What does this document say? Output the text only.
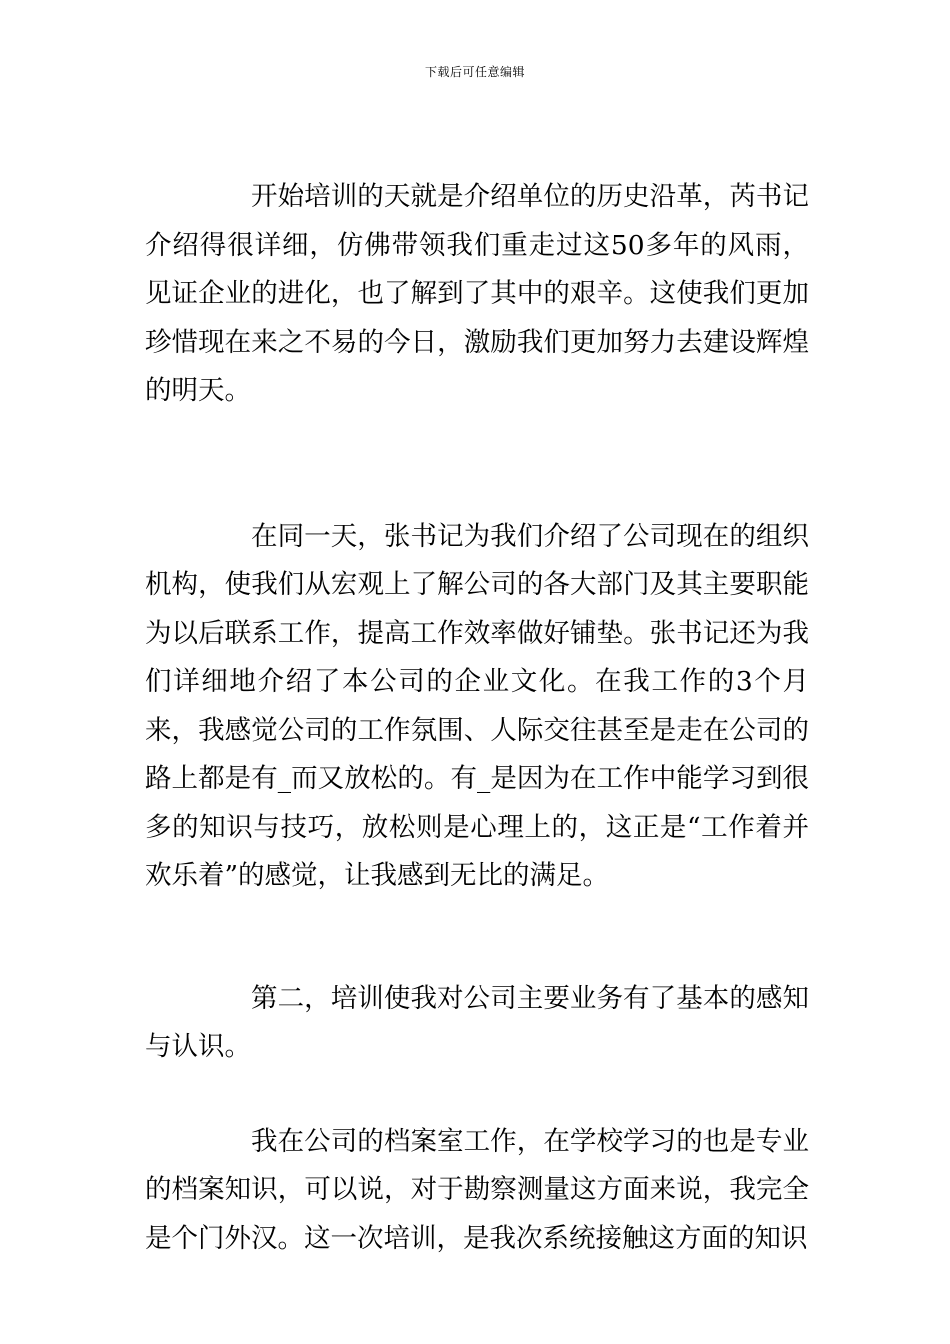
下载后可任意编辑

开始培训的天就是介绍单位的历史沿革，芮书记介绍得很详细，仿佛带领我们重走过这50多年的风雨，见证企业的进化，也了解到了其中的艰辛。这使我们更加珍惜现在来之不易的今日，激励我们更加努力去建设辉煌的明天。

在同一天，张书记为我们介绍了公司现在的组织机构，使我们从宏观上了解公司的各大部门及其主要职能为以后联系工作，提高工作效率做好铺垫。张书记还为我们详细地介绍了本公司的企业文化。在我工作的3个月来，我感觉公司的工作氛围、人际交往甚至是走在公司的路上都是有_而又放松的。有_是因为在工作中能学习到很多的知识与技巧，放松则是心理上的，这正是“工作着并欢乐着”的感觉，让我感到无比的满足。

第二，培训使我对公司主要业务有了基本的感知与认识。

我在公司的档案室工作，在学校学习的也是专业的档案知识，可以说，对于勘察测量这方面来说，我完全是个门外汉。这一次培训，是我次系统接触这方面的知识
